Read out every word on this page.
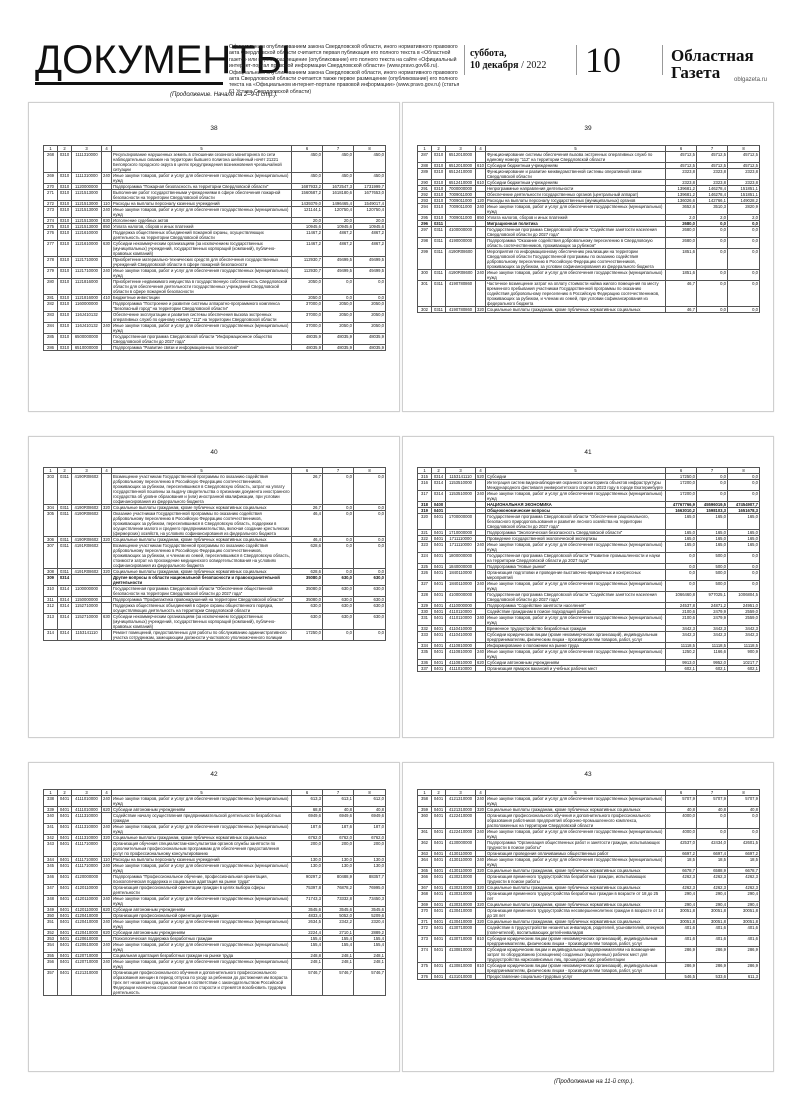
ДОКУМЕНТЫ
Официальным опубликованием закона Свердловской области, иного нормативного правового акта Свердловской области считается первая публикация его полного текста в «Областной газете» или первое размещение (опубликование) его полного текста на сайте «Официальный интернет-портал правовой информации Свердловской области» (www.pravo.gov66.ru). Официальным опубликованием закона Свердловской области, иного нормативного правового акта Свердловской области считается также первое размещение (опубликование) его полного текста на «Официальном интернет-портале правовой информации» (www.pravo.gov.ru) (статья 61 Устава Свердловской области)
суббота,
10 декабря / 2022 10	Областная
Газета	oblgazeta.ru
(Продолжение. Начало на 2–9-й стр.).
38
1	2	3	4	5	6	7	8
268	0310	1111310000		Ресультирование нарушенных земель в отношении сезонного мониторинга по сети наблюдательных скважин на территории бывшего полигона шейхинный ночёт 21221 Белоярского городского округа в целях предупреждения возникновения чрезвычайной ситуации	450,0	450,0	450,0
269	0310	1111310000	240	Иные закупки товаров, работ и услуг для обеспечения государственных (муниципальных) нужд	450,0	450,0	450,0
270	0310	1120000000		Подпрограмма "Пожарная безопасность на территории Свердловской области"	1687933,2	1672547,3	1731999,7
271	0310	1121513000		Выполнение работ государственными учреждениями в сфере обеспечения пожарной безопасности на территории Свердловской области	1560587,2	1618180,6	1677653,0
272	0310	1121513000	110	Расходы на выплаты персоналу казенных учреждений	1439379,0	1496465,4	1549017,4
273	0310	1121513000	240	Иные закупки товаров, работ и услуг для обеспечения государственных (муниципальных) нужд	121144,1	120750,4	120750,4
274	0310	1121513000	830	Исполнение судебных актов	20,0	20,0	20,0
275	0310	1121513000	850	Уплата налогов, сборов и иных платежей	10945,6	10945,6	10945,6
276	0310	1121610000		Поддержка общественных объединений пожарной охраны, осуществляющих деятельность на территории Свердловской области	11467,2	4867,2	4867,2
277	0310	1121610000	630	Субсидии некоммерческим организациям (за исключением государственных (муниципальных) учреждений, государственных корпораций (компаний), публично-правовых компаний)	11467,2	4867,2	4867,2
278	0310	1121710000		Приобретение материально-технических средств для обеспечения государственных учреждений Свердловской области в сфере пожарной безопасности	112930,7	49499,5	49499,5
279	0310	1121710000	240	Иные закупки товаров, работ и услуг для обеспечения государственных (муниципальных) нужд	112930,7	49499,5	49499,5
280	0310	1121816000		Приобретение недвижимого имущества в государственную собственность Свердловской области для обеспечения деятельности государственных учреждений Свердловской области в сфере пожарной безопасности	2050,0	0,0	0,0
281	0310	1121816000	410	Бюджетные инвестиции	2050,0	0,0	0,0
282	0310	1160000000		Подпрограмма "Построение и развитие системы аппаратно-программного комплекса "Безопасный город" на территории Свердловской области"	37000,0	2050,0	2050,0
283	0310	116J410132		Обеспечение эксплуатации и развития системы обеспечения вызова экстренных оперативных служб по единому номеру "112" на территории Свердловской области	37000,0	2050,0	2050,0
284	0310	116J410132	240	Иные закупки товаров, работ и услуг для обеспечения государственных (муниципальных) нужд	37000,0	2050,0	2050,0
285	0310	6500000000		Государственная программа Свердловской области "Информационное общество Свердловской области до 2027 года"	48035,9	48035,9	48035,9
286	0310	6510000000		Подпрограмма "Развитие связи и информационных технологий"	48035,9	48035,9	48035,9
39
1	2	3	4	5	6	7	8
287	0310	6512010000		Функционирование системы обеспечения вызова экстренных оперативных служб по единому номеру "112" на территории Свердловской области	45712,5	45712,5	45712,5
288	0310	6512010000	610	Субсидии бюджетным учреждениям	45712,5	45712,5	45712,5
289	0310	6512410000		Функционирование и развитие межведомственной системы оперативной связи Свердловской области	2323,8	2323,8	2323,8
290	0310	6512410000	610	Субсидии бюджетным учреждениям	2323,8	2323,8	2323,8
291	0310	7000000000		Непрограммные направления деятельности	139681,2	146278,4	151851,1
292	0310	7009011000		Обеспечение деятельности государственных органов (центральный аппарат)	139681,2	146278,4	151851,1
293	0310	7009011000	120	Расходы на выплаты персоналу государственных (муниципальных) органов	136026,6	142766,1	149028,2
294	0310	7009011000	240	Иные закупки товаров, работ и услуг для обеспечения государственных (муниципальных) нужд	3652,6	3510,3	2820,9
295	0310	7009011000	850	Уплата налогов, сборов и иных платежей	2,0	2,0	2,0
296	0311			Миграционная политика	2680,0	0,0	0,0
297	0311	4100000000		Государственная программа Свердловской области "Содействие занятости населения Свердловской области до 2027 года"	2680,0	0,0	0,0
298	0311	4190000000		Подпрограмма "Оказание содействия добровольному переселению в Свердловскую область соотечественников, проживающих за рубежом"	2680,0	0,0	0,0
299	0311	4190R08600		Мероприятия по информационному обеспечению реализации на территории Свердловской области Государственной программы по оказанию содействия добровольному переселению в Российскую Федерацию соотечественников, проживающих за рубежом, за условии софинансирования из федерального бюджета	1851,6	0,0	0,0
300	0311	4190R08600	240	Иные закупки товаров, работ и услуг для обеспечения государственных (муниципальных) нужд	1851,6	0,0	0,0
301	0311	4190780860		Частичное возмещение затрат на оплату стоимости найма жилого помещения по месту временного пребывания участникам Государственной программы по оказанию содействия добровольному переселению в Российскую Федерацию соотечественников, проживающих за рубежом, и членам их семей, при условии софинансирования из федерального бюджета	46,7	0,0	0,0
302	0311	4190780860	320	Социальные выплаты гражданам, кроме публичных нормативных социальных	46,7	0,0	0,0
40
1	2	3	4	5	6	7	8
303	0311	4190R08602		Возмещение участникам Государственной программы по оказанию содействия добровольному переселению в Российскую Федерацию соотечественников, проживающих за рубежом, переселившимся в Свердловскую область, затрат на уплату государственной пошлины за выдачу свидетельства о признании документа иностранного государства об уровне образования и (или) иностранной квалификации, при условии софинансирования из федерального бюджета	26,7	0,0	0,0
304	0311	4190R08602	320	Социальные выплаты гражданам, кроме публичных нормативных социальных	26,7	0,0	0,0
305	0311	4190R08602		Оказание участникам Государственной программы по оказанию содействия добровольному переселению в Российскую Федерацию соотечественников, проживающих за рубежом, переселившимся в Свердловскую область, поддержки в осуществлении малого и среднего предпринимательства, включая создание крестьянских (фермерских) хозяйств, на условиях софинансирования из федерального бюджета	46,4	0,0	0,0
306	0311	4190R08602	320	Социальные выплаты гражданам, кроме публичных нормативных социальных	46,4	0,0	0,0
307	0311	4191R08602		Возмещение участникам Государственной программы по оказанию содействия добровольному переселению в Российскую Федерацию соотечественников, проживающих за рубежом, и членам их семей, переселившимся в Свердловскую область, стоимости затрат на прохождение медицинского освидетельствования на условиях софинансирования из федерального бюджета	628,6	0,0	0,0
308	0311	4191R08602	320	Социальные выплаты гражданам, кроме публичных нормативных социальных	628,6	0,0	0,0
309	0314			Другие вопросы в области национальной безопасности и правоохранительной деятельности	35080,0	630,0	630,0
310	0314	1100000000		Государственная программа Свердловской области "Обеспечение общественной безопасности на территории Свердловской области до 2027 года"	35080,0	630,0	630,0
311	0314	1150000000		Подпрограмма "Профилактика правонарушений на территории Свердловской области"	35080,0	630,0	630,0
312	0314	1152710000		Поддержка общественных объединений в сфере охраны общественного порядка, осуществляющих деятельность на территории Свердловской области	630,0	630,0	630,0
313	0314	1152710000	630	Субсидии некоммерческим организациям (за исключением государственных (муниципальных) учреждений, государственных корпораций (компаний), публично-правовых компаний)	630,0	630,0	630,0
314	0314	1153141110		Ремонт помещений, предоставленных для работы по обслуживанию административного участка сотрудникам, замещающим должности участкового уполномоченного полиции	17250,0	0,0	0,0
41
1	2	3	4	5	6	7	8
315	0314	1153141110	520	Субсидии	17250,0	0,0	0,0
316	0314	1153510000		Интеграция систем видеонаблюдения охранного мониторинга объектов инфраструктуры Международного фестиваля университетского спорта в 2023 году в городе Екатеринбурге	17200,0	0,0	0,0
317	0314	1153510000	240	Иные закупки товаров, работ и услуг для обеспечения государственных (муниципальных) нужд	17200,0	0,0	0,0
318	0400			НАЦИОНАЛЬНАЯ ЭКОНОМИКА	47767766,9	45596019,5	47454907,7
319	0401			Общеэкономические вопросы	1663010,2	1598103,3	1651678,3
320	0401	1700000000		Государственная программа Свердловской области "Обеспечение рационального, безопасного природопользования и развитие лесного хозяйства на территории Свердловской области до 2027 года"	165,0	165,0	165,0
321	0401	1710000000		Подпрограмма "Экологическая безопасность Свердловской области"	165,0	165,0	165,0
322	0401	1711110000		Проведение государственной экологической экспертизы	165,0	165,0	165,0
323	0401	1711110000	240	Иные закупки товаров, работ и услуг для обеспечения государственных (муниципальных) нужд	165,0	165,0	165,0
324	0401	1800000000		Государственная программа Свердловской области "Развитие промышленности и науки на территории Свердловской области до 2027 года"	0,0	500,0	0,0
325	0401	1840000000		Подпрограмма "Новые рынки"	0,0	500,0	0,0
326	0401	1840110000		Организация подготовки и проведение выставочно-ярмарочных и конгрессных мероприятий	0,0	500,0	0,0
327	0401	1840110000	240	Иные закупки товаров, работ и услуг для обеспечения государственных (муниципальных) нужд	0,0	500,0	0,0
328	0401	4100000000		Государственная программа Свердловской области "Содействие занятости населения Свердловской области до 2027 года"	1066460,8	977025,1	1006804,5
329	0401	4110000000		Подпрограмма "Содействие занятости населения"	24537,8	24871,2	24951,0
330	0401	4110110000		Содействие гражданам в поиске подходящей работы	2100,6	2479,9	2559,0
331	0401	4110110000	240	Иные закупки товаров, работ и услуг для обеспечения государственных (муниципальных) нужд	2100,6	2479,9	2559,0
332	0401	4110410000		Временное трудоустройство безработных граждан	3442,3	3442,3	3442,3
333	0401	4110410000		Субсидии юридическим лицам (кроме некоммерческих организаций), индивидуальным предпринимателям, физическим лицам - производителям товаров, работ, услуг	3442,3	3442,3	3442,3
334	0401	4110810000		Информирование о положении на рынке труда	11118,5	11118,5	11118,5
335	0401	4110810000	240	Иные закупки товаров, работ и услуг для обеспечения государственных (муниципальных) нужд	1250,2	1166,6	900,9
336	0401	4110810000	620	Субсидии автономным учреждениям	9913,0	9952,0	10217,7
337	0401	4111010000		Организация ярмарок вакансий и учебных рабочих мест	602,1	602,1	602,1
42
1	2	3	4	5	6	7	8
338	0401	4111010000	240	Иные закупки товаров, работ и услуг для обеспечения государственных (муниципальных) нужд	613,3	613,1	612,0
339	0401	4111010000	620	Субсидии автономным учреждениям	68,8	40,8	40,8
340	0401	4111310000		Содействие началу осуществления предпринимательской деятельности безработных граждан	6949,6	6949,6	6949,6
341	0401	4111310000	240	Иные закупки товаров, работ и услуг для обеспечения государственных (муниципальных) нужд	187,6	187,6	187,0
342	0401	4111310000	320	Социальные выплаты гражданам, кроме публичных нормативных социальных	6762,0	6762,0	6762,0
343	0401	4111710000		Организация обучения специалистам-консультантам органов службы занятости по дополнительным профессиональным программам для обеспечения предоставления услуг по профессиональному консультированию	200,0	200,0	200,0
344	0401	4111710000	110	Расходы на выплаты персоналу казенных учреждений	130,0	130,0	130,0
345	0401	4111710000	240	Иные закупки товаров, работ и услуг для обеспечения государственных (муниципальных) нужд	130,0	130,0	130,0
346	0401	4120000000		Подпрограмма "Профессиональное обучение, профессиональная ориентация, психологическая поддержка и социальная адаптация на рынке труда"	90297,2	80488,9	88357,7
347	0401	4120110000		Организация профессиональной ориентации граждан в целях выбора сферы деятельности	75397,8	76878,2	76995,0
348	0401	4120110000	240	Иные закупки товаров, работ и услуг для обеспечения государственных (муниципальных) нужд	71743,3	73332,8	73450,3
349	0401	4120110000	620	Субсидии автономным учреждениям	3545,6	3545,6	3545,6
350	0401	4120410000		Организация профессиональной ориентации граждан	4833,4	5052,0	5209,6
351	0401	4120410000	240	Иные закупки товаров, работ и услуг для обеспечения государственных (муниципальных) нужд	2634,5	2342,2	2320,4
352	0401	4120410000	620	Субсидии автономным учреждениям	2224,4	2710,1	2889,2
353	0401	4120610000		Психологическая поддержка безработных граждан	155,4	155,4	155,4
354	0401	4120610000	240	Иные закупки товаров, работ и услуг для обеспечения государственных (муниципальных) нужд	155,4	155,4	155,4
355	0401	4120710000		Социальная адаптация безработных граждан на рынке труда	248,8	248,1	248,1
356	0401	4120710000	240	Иные закупки товаров, работ и услуг для обеспечения государственных (муниципальных) нужд	248,1	248,1	248,1
357	0401	4121310000		Организация профессионального обучения и дополнительного профессионального образования женщин в период отпуска по уходу за ребенком до достижения им возраста трех лет незанятых граждан, которым в соответствии с законодательством Российской Федерации назначена страховая пенсия по старости и стремятся возобновить трудовую деятельность	5746,7	5746,7	5746,7
43
1	2	3	4	5	6	7	8
358	0401	4121310000	240	Иные закупки товаров, работ и услуг для обеспечения государственных (муниципальных) нужд	5707,9	5707,9	5707,9
359	0401	4121310000	320	Социальные выплаты гражданам, кроме публичных нормативных социальных	40,8	40,8	40,8
360	0401	4122410000		Организация профессионального обучения и дополнительного профессионального образования работников предприятий оборонно-промышленного комплекса, расположенных на территории Свердловской области	4000,0	0,0	0,0
361	0401	4122410000	240	Иные закупки товаров, работ и услуг для обеспечения государственных (муниципальных) нужд	4000,0	0,0	0,0
362	0401	4130000000		Подпрограмма "Организация общественных работ и занятости граждан, испытывающих трудности в поиске работы"	42537,0	42434,0	42601,5
363	0401	4130110000		Организация проведения оплачиваемых общественных работ	6697,2	6697,4	6697,2
364	0401	4130110000	240	Иные закупки товаров, работ и услуг для обеспечения государственных (муниципальных) нужд	18,5	18,5	18,5
365	0401	4130110000	320	Социальные выплаты гражданам, кроме публичных нормативных социальных	6678,7	6588,9	6678,7
366	0401	4130210000		Организация временного трудоустройства безработных граждан, испытывающих трудности в поиске работы	4262,3	4262,3	4262,3
367	0401	4130210000	320	Социальные выплаты гражданам, кроме публичных нормативных социальных	4262,3	4262,3	4262,3
368	0401	4130310000		Организация временного трудоустройства безработных граждан в возрасте от 18 до 25 лет	290,4	290,4	290,4
369	0401	4130310000	320	Социальные выплаты гражданам, кроме публичных нормативных социальных	290,4	290,4	290,4
370	0401	4130410000		Организация временного трудоустройства несовершеннолетних граждан в возрасте от 14 до 18 лет	30051,8	30051,8	30051,8
371	0401	4130410000	320	Социальные выплаты гражданам, кроме публичных нормативных социальных	30051,8	30051,8	30051,8
372	0401	4130710000		Содействие в трудоустройстве незанятых инвалидов, родителей, усыновителей, опекунов (попечителей), воспитывающих детей-инвалидов	401,6	401,6	401,6
373	0401	4130710000	810	Субсидии юридическим лицам (кроме некоммерческих организаций), индивидуальным предпринимателям, физическим лицам - производителям товаров, работ, услуг	401,6	401,6	401,6
374	0401	4130810000		Субсидии юридическим лицам и индивидуальным предпринимателям на возмещение затрат по оборудованию (оснащению) созданных (выделенных) рабочих мест для трудоустройства наркозависимых лиц, прошедших курс реабилитации	286,9	286,9	286,9
375	0401	4130810000	810	Субсидии юридическим лицам (кроме некоммерческих организаций), индивидуальным предпринимателям, физическим лицам - производителям товаров, работ, услуг	286,9	286,9	286,9
376	0401	4131010000		Предоставление социально-трудовых услуг	546,5	533,6	611,3
(Продолжение на 11-й стр.).
